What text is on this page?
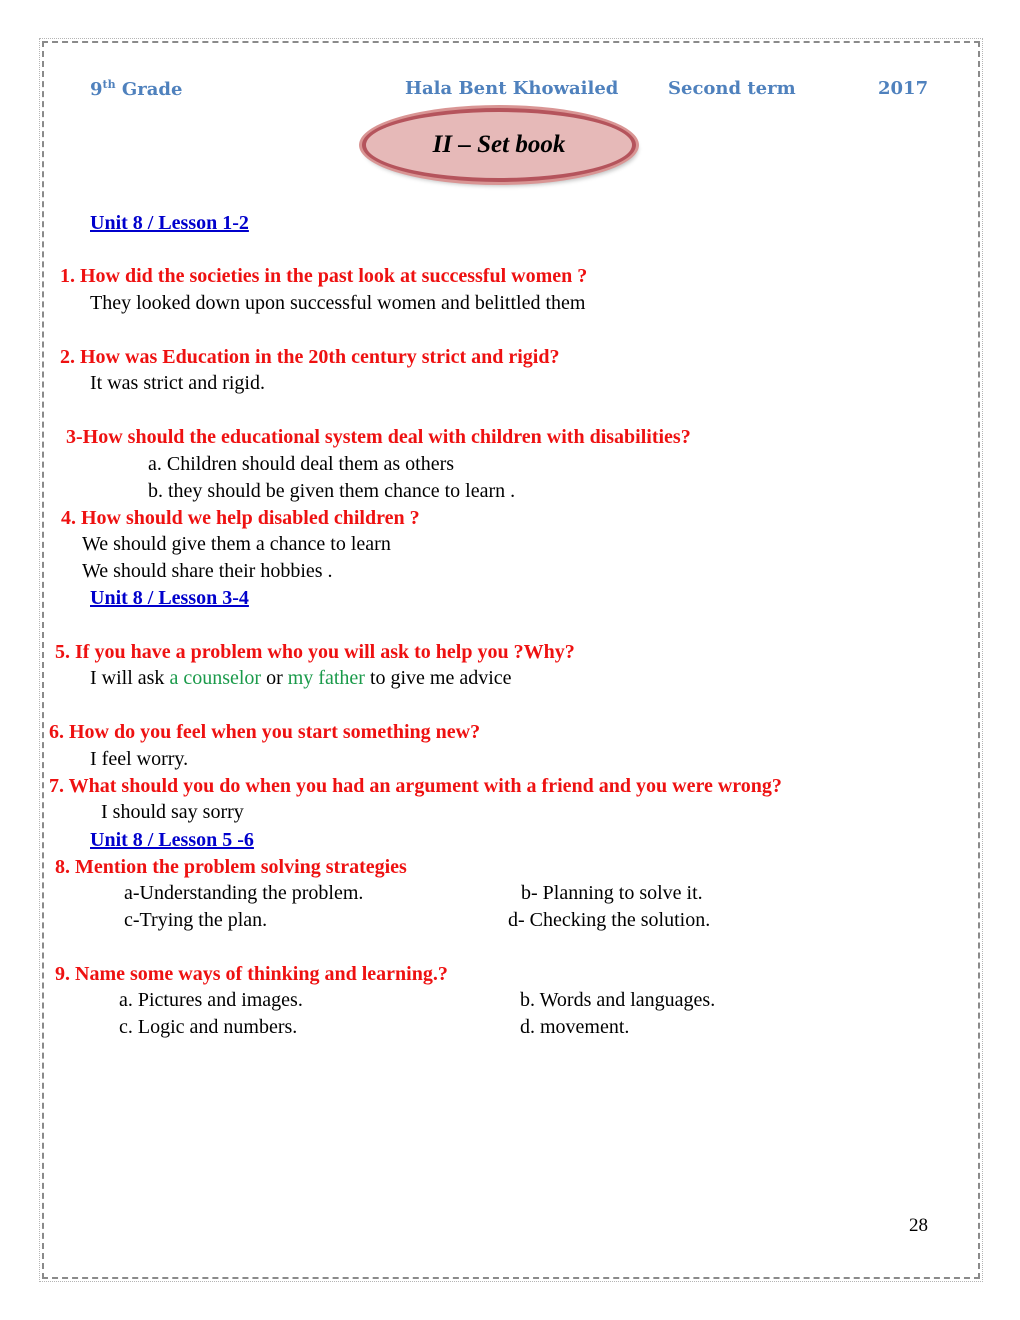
9th Grade	Hala Bent Khowailed	Second term	2017
II – Set book
Unit 8 / Lesson 1-2
1. How did the societies in the past look at successful women ?
They looked down upon successful women and belittled them
2. How was Education in the 20th century strict and rigid?
It was strict and rigid.
3-How should the educational system deal with children with disabilities?
a. Children should deal them as others
b. they should be given them chance to learn .
4. How should we help disabled children ?
We should give them a chance to learn
We should share their hobbies .
Unit 8 / Lesson 3-4
5. If you have a problem who you will ask to help you ?Why?
I will ask a counselor or my father to give me advice
6. How do you feel when you start something new?
I feel worry.
7. What should you do when you had an argument with a friend and you were wrong?
I should say sorry
Unit 8 / Lesson 5 -6
8. Mention the problem solving strategies
a-Understanding the problem.	b- Planning to solve it.
c-Trying the plan.	d- Checking the solution.
9. Name some ways of thinking and learning.?
a. Pictures and images.	b. Words and languages.
c. Logic and numbers.	d. movement.
28
